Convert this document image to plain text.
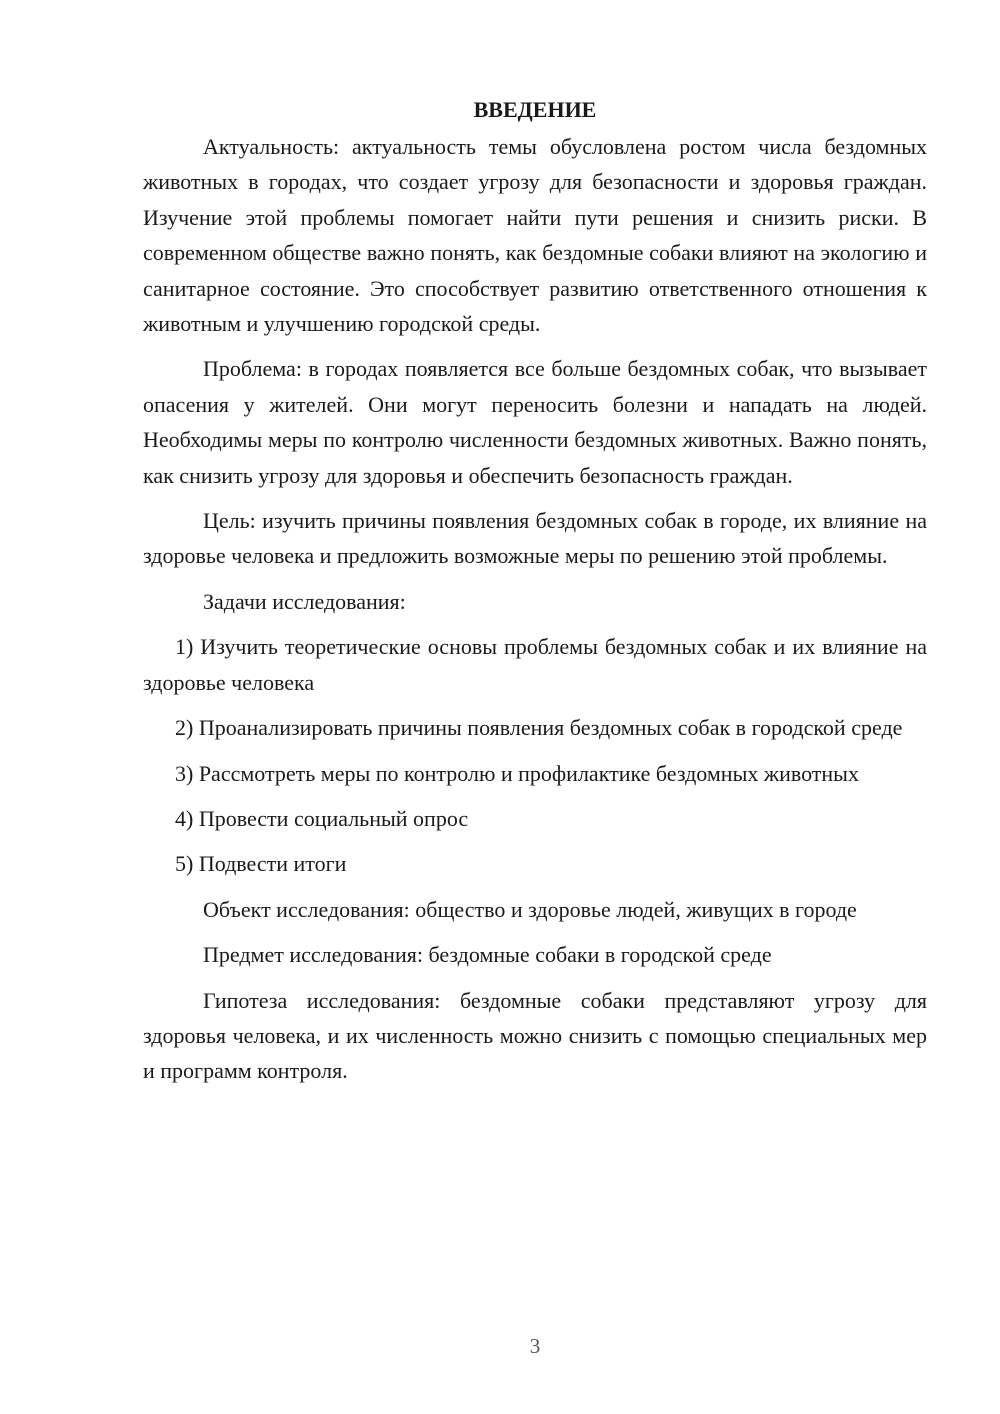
ВВЕДЕНИЕ

Актуальность: актуальность темы обусловлена ростом числа бездомных животных в городах, что создает угрозу для безопасности и здоровья граждан. Изучение этой проблемы помогает найти пути решения и снизить риски. В современном обществе важно понять, как бездомные собаки влияют на экологию и санитарное состояние. Это способствует развитию ответственного отношения к животным и улучшению городской среды.

Проблема: в городах появляется все больше бездомных собак, что вызывает опасения у жителей. Они могут переносить болезни и нападать на людей. Необходимы меры по контролю численности бездомных животных. Важно понять, как снизить угрозу для здоровья и обеспечить безопасность граждан.

Цель: изучить причины появления бездомных собак в городе, их влияние на здоровье человека и предложить возможные меры по решению этой проблемы.

Задачи исследования:

1) Изучить теоретические основы проблемы бездомных собак и их влияние на здоровье человека

2) Проанализировать причины появления бездомных собак в городской среде

3) Рассмотреть меры по контролю и профилактике бездомных животных

4) Провести социальный опрос

5) Подвести итоги

Объект исследования: общество и здоровье людей, живущих в городе

Предмет исследования: бездомные собаки в городской среде

Гипотеза исследования: бездомные собаки представляют угрозу для здоровья человека, и их численность можно снизить с помощью специальных мер и программ контроля.

3
